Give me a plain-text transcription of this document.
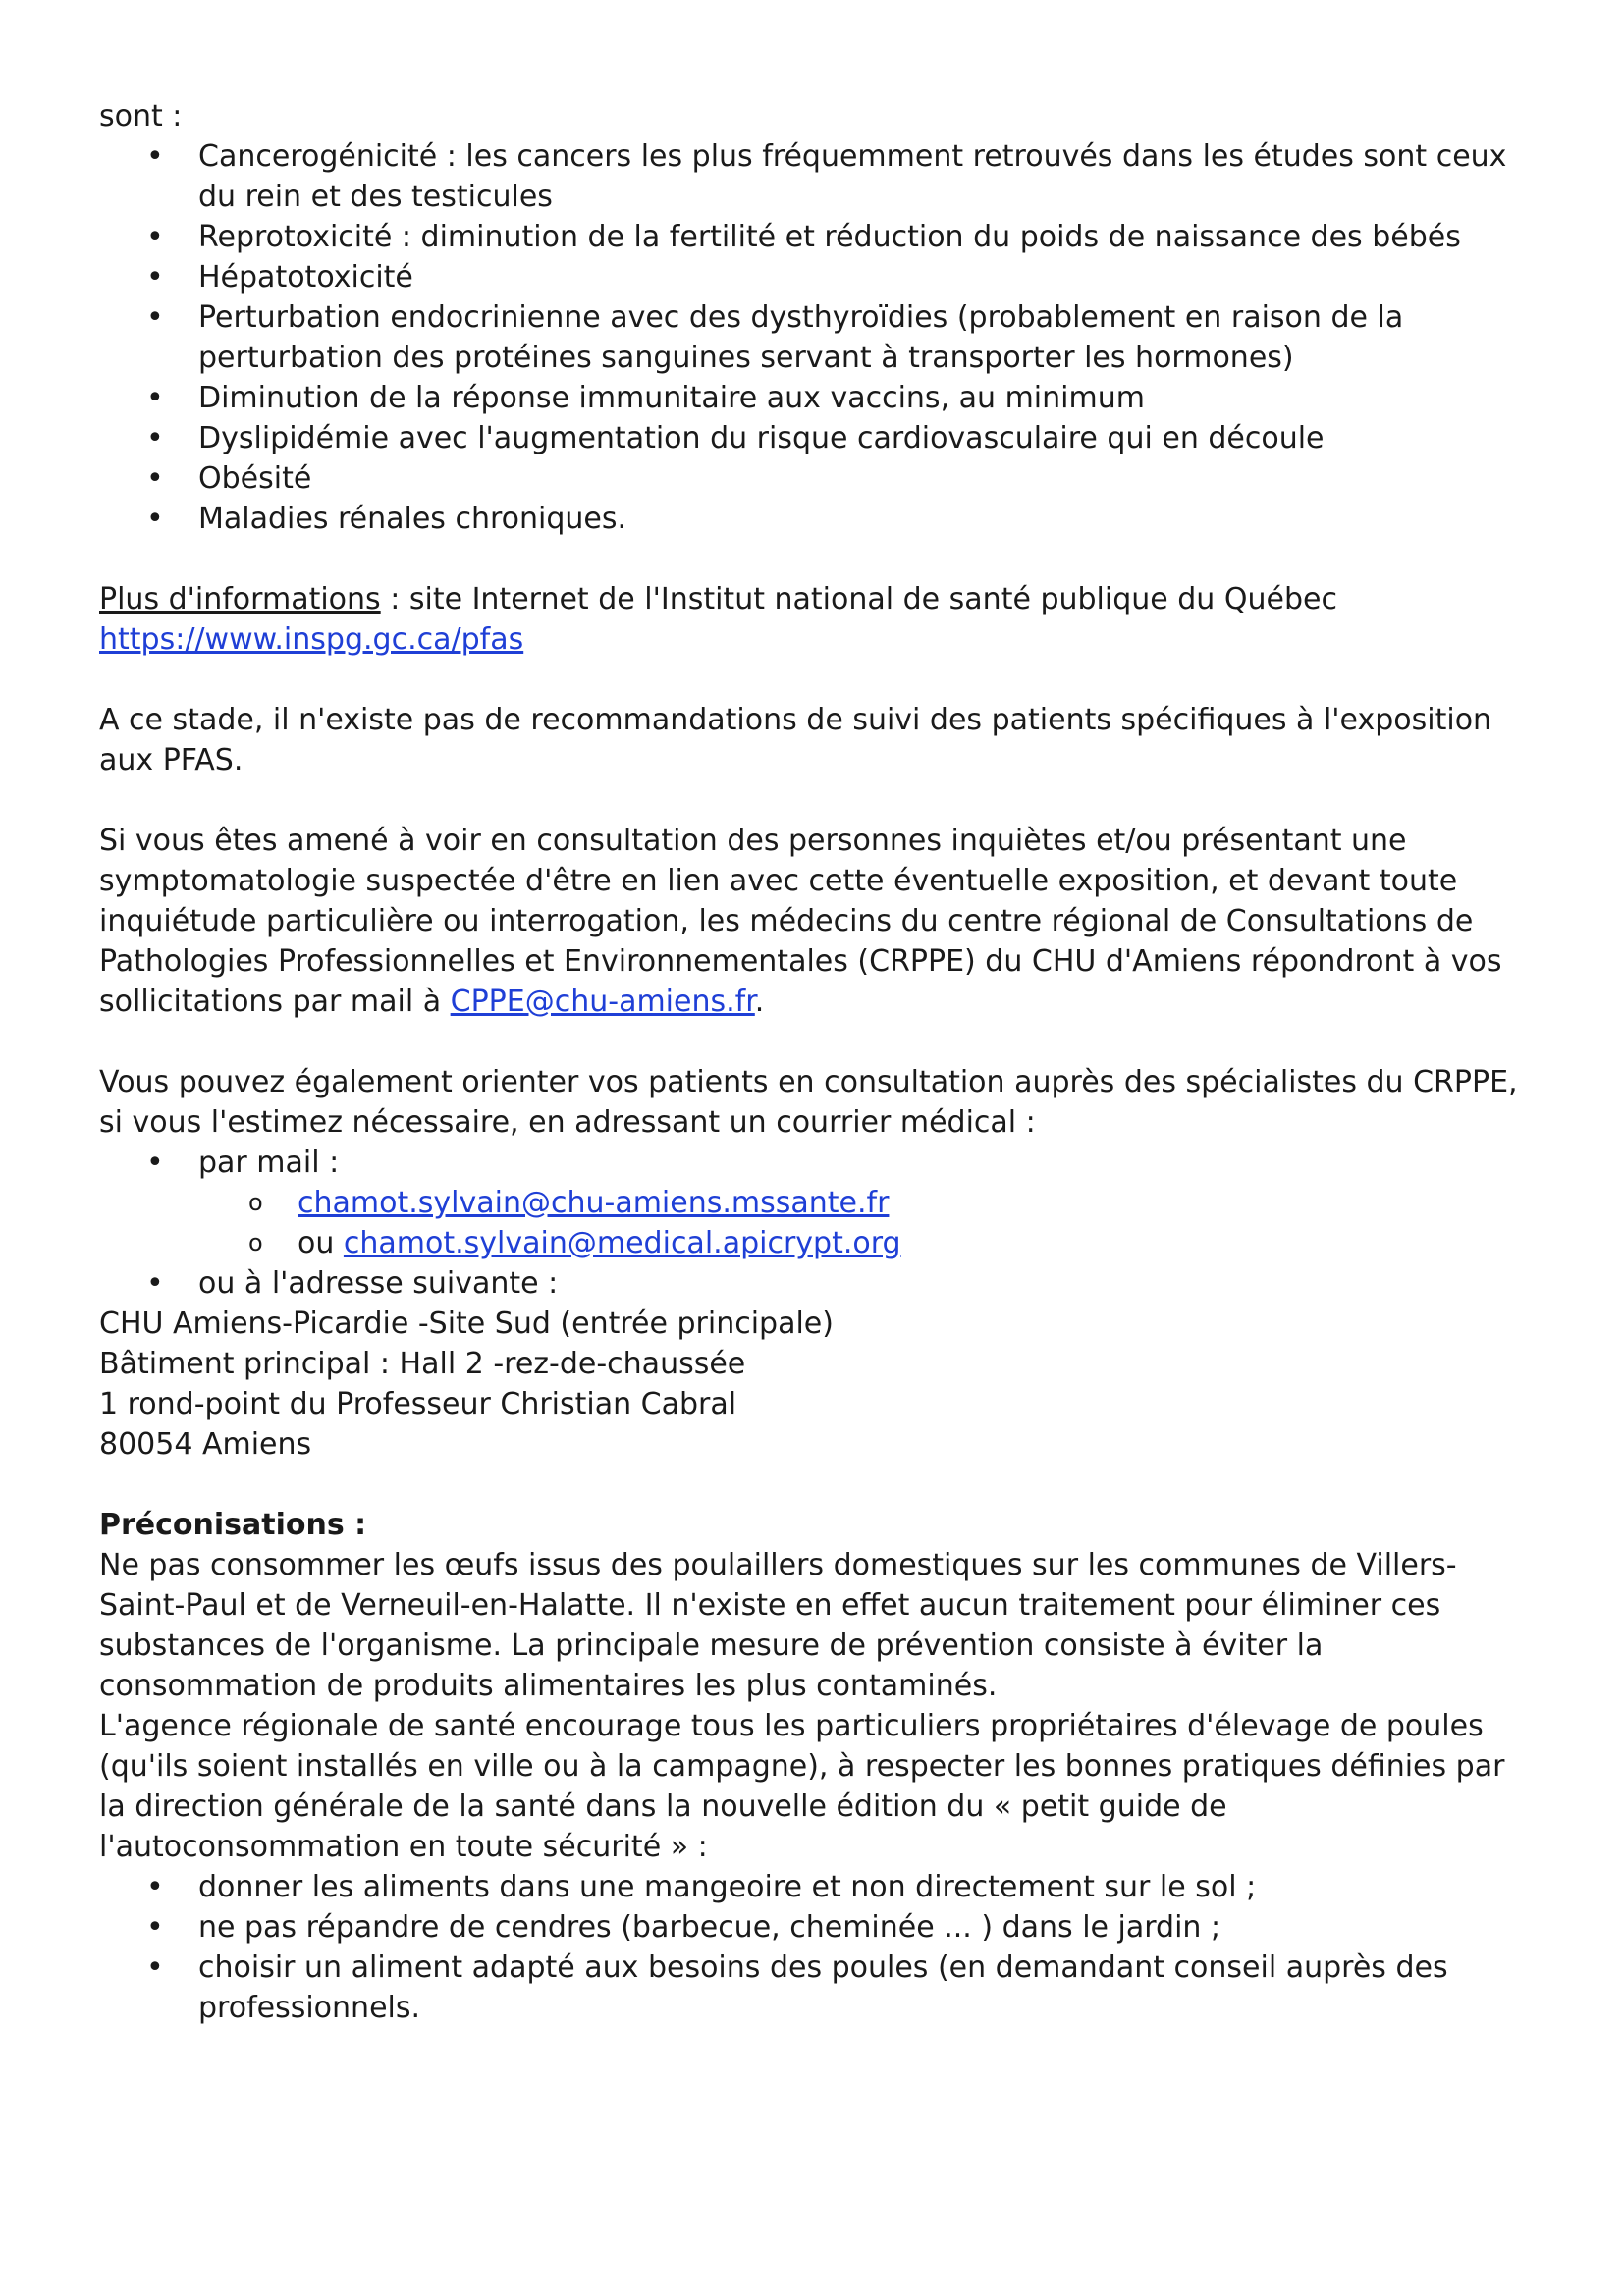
sont :

• Cancerogénicité : les cancers les plus fréquemment retrouvés dans les études sont ceux du rein et des testicules
• Reprotoxicité : diminution de la fertilité et réduction du poids de naissance des bébés
• Hépatotoxicité
• Perturbation endocrinienne avec des dysthyroïdies (probablement en raison de la perturbation des protéines sanguines servant à transporter les hormones)
• Diminution de la réponse immunitaire aux vaccins, au minimum
• Dyslipidémie avec l'augmentation du risque cardiovasculaire qui en découle
• Obésité
• Maladies rénales chroniques.

Plus d'informations : site Internet de l'Institut national de santé publique du Québec

https://www.inspg.gc.ca/pfas

A ce stade, il n'existe pas de recommandations de suivi des patients spécifiques à l'exposition aux PFAS.

Si vous êtes amené à voir en consultation des personnes inquiètes et/ou présentant une symptomatologie suspectée d'être en lien avec cette éventuelle exposition, et devant toute inquiétude particulière ou interrogation, les médecins du centre régional de Consultations de Pathologies Professionnelles et Environnementales (CRPPE) du CHU d'Amiens répondront à vos sollicitations par mail à CPPE@chu-amiens.fr.

Vous pouvez également orienter vos patients en consultation auprès des spécialistes du CRPPE, si vous l'estimez nécessaire, en adressant un courrier médical :

• par mail :
o chamot.sylvain@chu-amiens.mssante.fr
o ou chamot.sylvain@medical.apicrypt.org
• ou à l'adresse suivante :

CHU Amiens-Picardie -Site Sud (entrée principale)

Bâtiment principal : Hall 2 -rez-de-chaussée

1 rond-point du Professeur Christian Cabral

80054 Amiens

Préconisations :

Ne pas consommer les œufs issus des poulaillers domestiques sur les communes de Villers-Saint-Paul et de Verneuil-en-Halatte. Il n'existe en effet aucun traitement pour éliminer ces substances de l'organisme. La principale mesure de prévention consiste à éviter la consommation de produits alimentaires les plus contaminés.

L'agence régionale de santé encourage tous les particuliers propriétaires d'élevage de poules (qu'ils soient installés en ville ou à la campagne), à respecter les bonnes pratiques définies par la direction générale de la santé dans la nouvelle édition du « petit guide de l'autoconsommation en toute sécurité » :

• donner les aliments dans une mangeoire et non directement sur le sol ;
• ne pas répandre de cendres (barbecue, cheminée ... ) dans le jardin ;
• choisir un aliment adapté aux besoins des poules (en demandant conseil auprès des professionnels.
